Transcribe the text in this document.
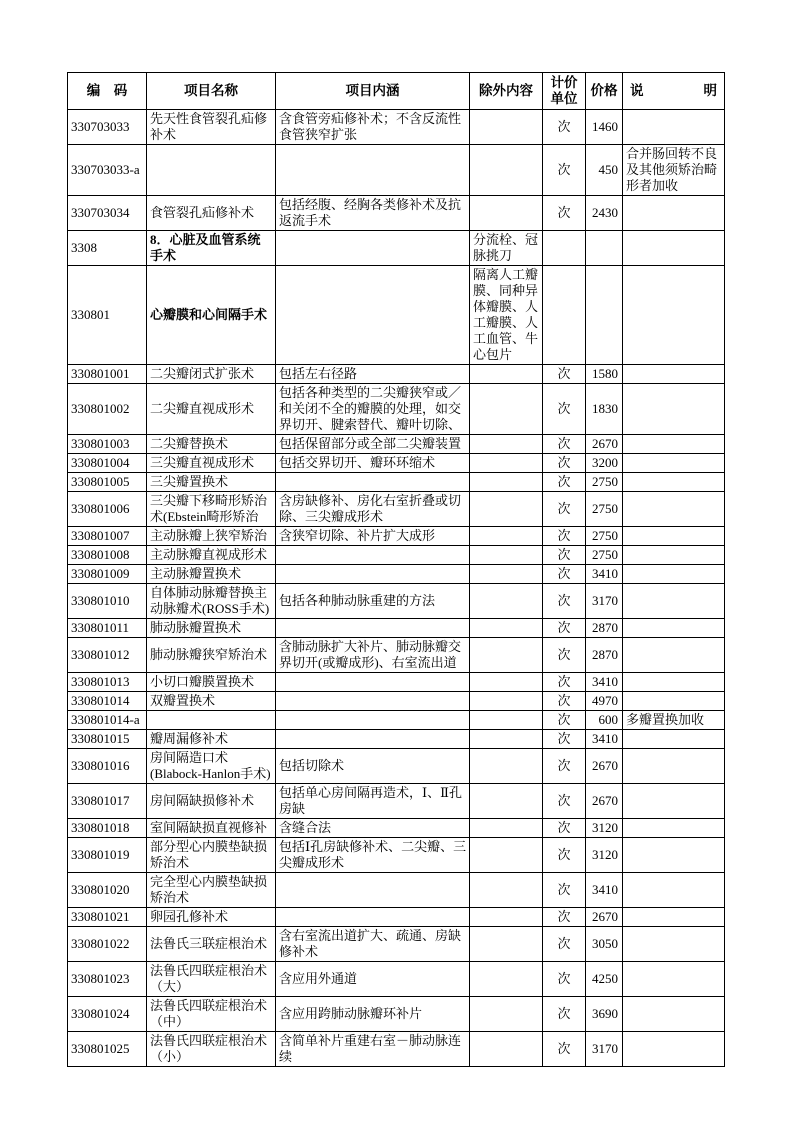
编　码	项目名称	项目内涵	除外内容	计价单位	价格	说明
330703033	先天性食管裂孔疝修补术	含食管旁疝修补术；不含反流性食管狭窄扩张		次	1460	
330703033-a				次	450	合并肠回转不良及其他须矫治畸形者加收
330703034	食管裂孔疝修补术	包括经腹、经胸各类修补术及抗返流手术		次	2430	
3308	8．心脏及血管系统手术		分流栓、冠脉挑刀			
330801	心瓣膜和心间隔手术		隔离人工瓣膜、同种异体瓣膜、人工瓣膜、人工血管、牛心包片			
330801001	二尖瓣闭式扩张术	包括左右径路		次	1580	
330801002	二尖瓣直视成形术	包括各种类型的二尖瓣狭窄或／和关闭不全的瓣膜的处理，如交界切开、腱索替代、瓣叶切除、		次	1830	
330801003	二尖瓣替换术	包括保留部分或全部二尖瓣装置		次	2670	
330801004	三尖瓣直视成形术	包括交界切开、瓣环环缩术		次	3200	
330801005	三尖瓣置换术			次	2750	
330801006	三尖瓣下移畸形矫治术(Ebstein畸形矫治	含房缺修补、房化右室折叠或切除、三尖瓣成形术		次	2750	
330801007	主动脉瓣上狭窄矫治	含狭窄切除、补片扩大成形		次	2750	
330801008	主动脉瓣直视成形术			次	2750	
330801009	主动脉瓣置换术			次	3410	
330801010	自体肺动脉瓣替换主动脉瓣术(ROSS手术)	包括各种肺动脉重建的方法		次	3170	
330801011	肺动脉瓣置换术			次	2870	
330801012	肺动脉瓣狭窄矫治术	含肺动脉扩大补片、肺动脉瓣交界切开(或瓣成形)、右室流出道		次	2870	
330801013	小切口瓣膜置换术			次	3410	
330801014	双瓣置换术			次	4970	
330801014-a				次	600	多瓣置换加收
330801015	瓣周漏修补术			次	3410	
330801016	房间隔造口术(Blabock-Hanlon手术)	包括切除术		次	2670	
330801017	房间隔缺损修补术	包括单心房间隔再造术，Ⅰ、Ⅱ孔房缺		次	2670	
330801018	室间隔缺损直视修补	含缝合法		次	3120	
330801019	部分型心内膜垫缺损矫治术	包括Ⅰ孔房缺修补术、二尖瓣、三尖瓣成形术		次	3120	
330801020	完全型心内膜垫缺损矫治术			次	3410	
330801021	卵园孔修补术			次	2670	
330801022	法鲁氏三联症根治术	含右室流出道扩大、疏通、房缺修补术		次	3050	
330801023	法鲁氏四联症根治术（大）	含应用外通道		次	4250	
330801024	法鲁氏四联症根治术（中）	含应用跨肺动脉瓣环补片		次	3690	
330801025	法鲁氏四联症根治术（小）	含简单补片重建右室－肺动脉连续		次	3170	
